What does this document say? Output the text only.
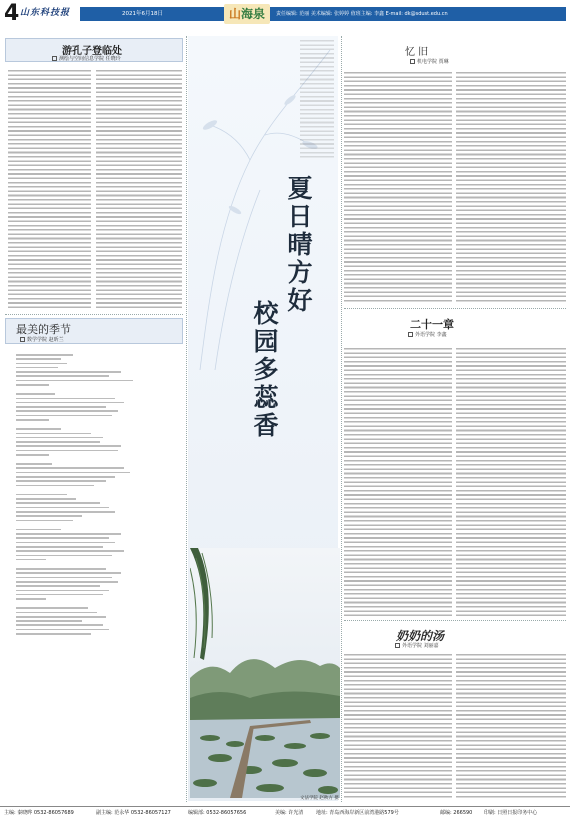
4 山东科技报	2021年6月18日	山海泉	责任编辑: 范丽 美术编辑: 张婷婷 值班主编: 李鑫 E-mail: dk@sdust.edu.cn
游孔子登临处
测绘与空间信息学院 任晓玲
最美的季节
数学学院 赵昕兰
夏日晴方好
校园多蕊香
文法学院 赵秋方 摄
忆 旧
机电学院 贾琳
二十一章
外语学院 李鑫
奶奶的汤
外语学院 刘丽嘉
主编: 秦晓晔 0532-86057689	副主编: 范永华 0532-86057127	编辑部: 0532-86057656	美编: 许光清	地址: 青岛西海岸新区前湾港路579号	邮编: 266590 印刷: 日照日报印务中心
